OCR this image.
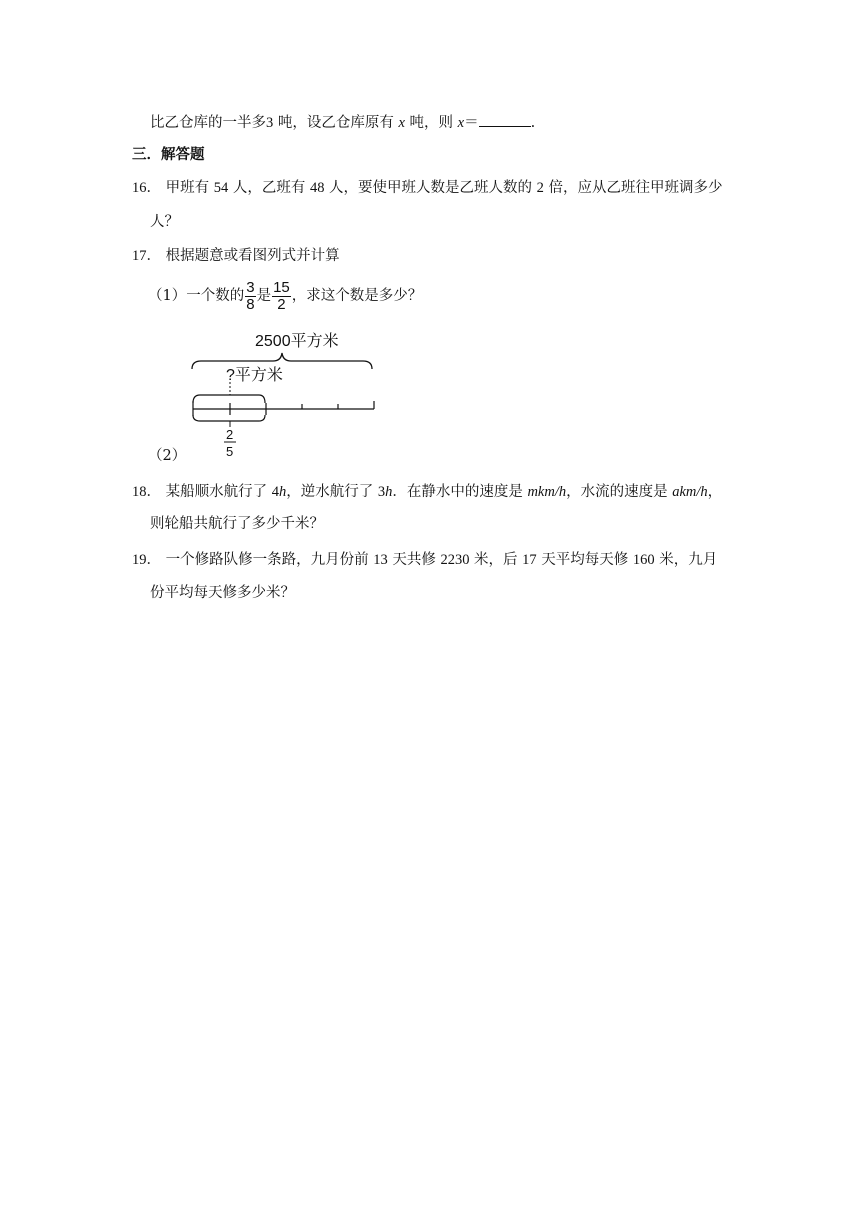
比乙仓库的一半多3 吨，设乙仓库原有 x 吨，则 x＝	.
三．解答题
16． 甲班有 54 人，乙班有 48 人，要使甲班人数是乙班人数的 2 倍，应从乙班往甲班调多少
人？
17． 根据题意或看图列式并计算
（1）一个数的 $\frac{3}{8}$ 是 $\frac{15}{2}$ ，求这个数是多少？
2500平方米
?平方米
2
5
（2）
18． 某船顺水航行了 4h，逆水航行了 3h．在静水中的速度是 mkm/h，水流的速度是 akm/h，
则轮船共航行了多少千米？
19． 一个修路队修一条路，九月份前 13 天共修 2230 米，后 17 天平均每天修 160 米，九月
份平均每天修多少米？
